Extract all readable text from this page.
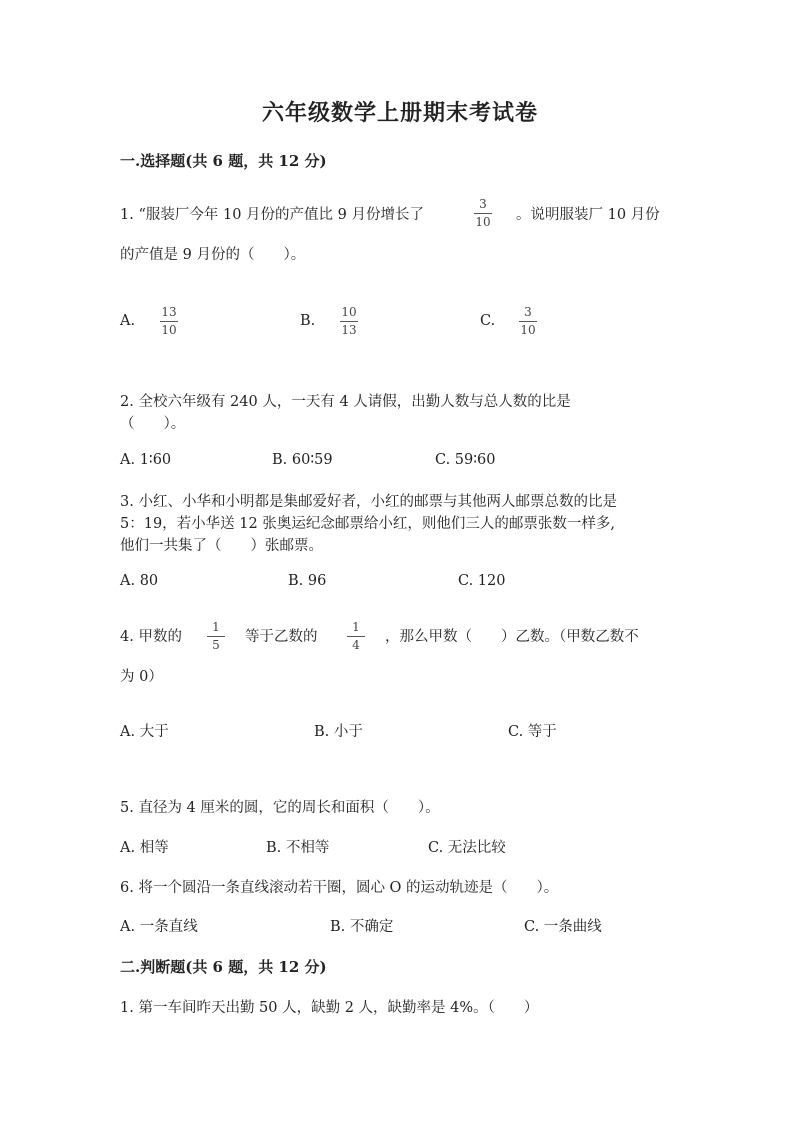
六年级数学上册期末考试卷
一.选择题(共 6 题，共 12 分)
1. “服装厂今年 10 月份的产值比 9 月份增长了
3
10 。说明服装厂 10 月份
的产值是 9 月份的（　　）。
A.
13
10
B.
10
13
C.
3
10
2. 全校六年级有 240 人，一天有 4 人请假，出勤人数与总人数的比是
（　　）。
A. 1∶60	B. 60∶59	C. 59∶60
3. 小红、小华和小明都是集邮爱好者，小红的邮票与其他两人邮票总数的比是
5：19，若小华送 12 张奥运纪念邮票给小红，则他们三人的邮票张数一样多,
他们一共集了（　　）张邮票。
A. 80	B. 96	C. 120
4. 甲数的
1
5 等于乙数的
1
4 ，那么甲数（　　）乙数。（甲数乙数不
为 0）
A. 大于	B. 小于	C. 等于
5. 直径为 4 厘米的圆，它的周长和面积（　　）。
A. 相等	B. 不相等	C. 无法比较
6. 将一个圆沿一条直线滚动若干圈，圆心 O 的运动轨迹是（　　）。
A. 一条直线	B. 不确定	C. 一条曲线
二.判断题(共 6 题，共 12 分)
1. 第一车间昨天出勤 50 人，缺勤 2 人，缺勤率是 4%。（　　）
